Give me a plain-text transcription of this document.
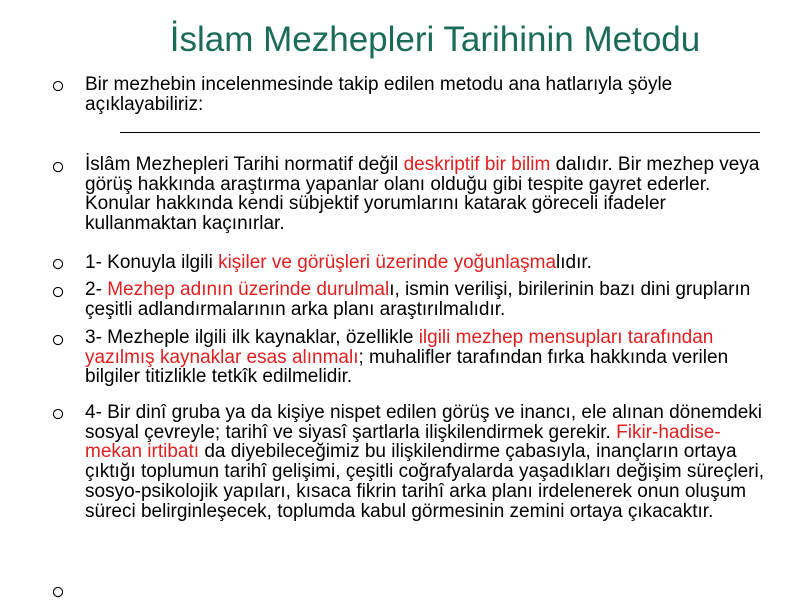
İslam Mezhepleri Tarihinin Metodu
Bir mezhebin incelenmesinde takip edilen metodu ana hatlarıyla şöyle açıklayabiliriz:
İslâm Mezhepleri Tarihi normatif değil deskriptif bir bilim dalıdır. Bir mezhep veya görüş hakkında araştırma yapanlar olanı olduğu gibi tespite gayret ederler. Konular hakkında kendi sübjektif yorumlarını katarak göreceli ifadeler kullanmaktan kaçınırlar.
1- Konuyla ilgili kişiler ve görüşleri üzerinde yoğunlaşmalıdır.
2- Mezhep adının üzerinde durulmalı, ismin verilişi, birilerinin bazı dini grupların çeşitli adlandırmalarının arka planı araştırılmalıdır.
3- Mezheple ilgili ilk kaynaklar, özellikle ilgili mezhep mensupları tarafından yazılmış kaynaklar esas alınmalı; muhalifler tarafından fırka hakkında verilen bilgiler titizlikle tetkîk edilmelidir.
4- Bir dinî gruba ya da kişiye nispet edilen görüş ve inancı, ele alınan dönemdeki sosyal çevreyle; tarihî ve siyasî şartlarla ilişkilendirmek gerekir. Fikir-hadise-mekan irtibatı da diyebileceğimiz bu ilişkilendirme çabasıyla, inançların ortaya çıktığı toplumun tarihî gelişimi, çeşitli coğrafyalarda yaşadıkları değişim süreçleri, sosyo-psikolojik yapıları, kısaca fikrin tarihî arka planı irdelenerek onun oluşum süreci belirginleşecek, toplumda kabul görmesinin zemini ortaya çıkacaktır.
